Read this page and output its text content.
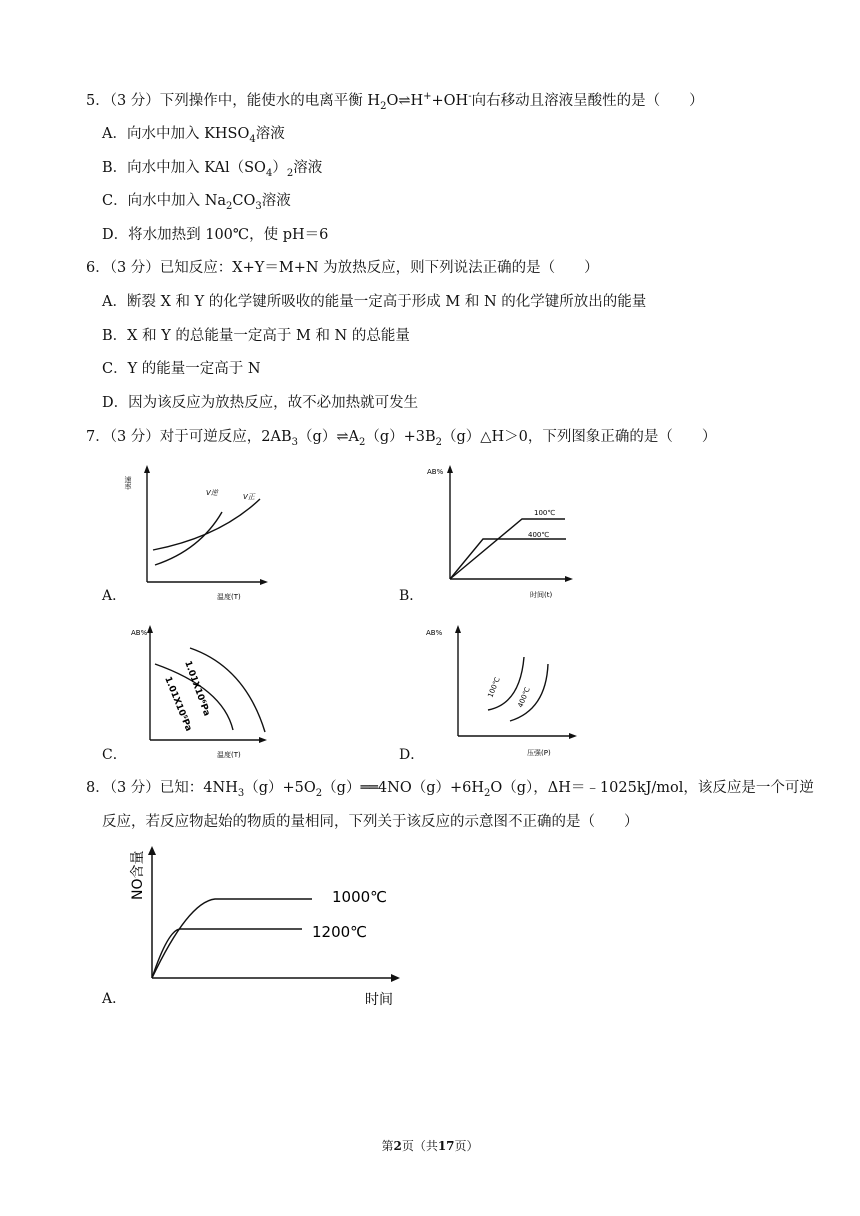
5．（3 分）下列操作中，能使水的电离平衡 $H_2O\rightleftharpoons H^++OH^-$向右移动且溶液呈酸性的是（　　）
A．向水中加入 $KHSO_4$溶液
B．向水中加入 $KAl(SO_4)_2$溶液
C．向水中加入 $Na_2CO_3$溶液
D．将水加热到 100℃，使 pH＝6
6．（3 分）已知反应：X+Y＝M+N 为放热反应，则下列说法正确的是（　　）
A．断裂 X 和 Y 的化学键所吸收的能量一定高于形成 M 和 N 的化学键所放出的能量
B．X 和 Y 的总能量一定高于 M 和 N 的总能量
C．Y 的能量一定高于 N
D．因为该反应为放热反应，故不必加热就可发生
7．（3 分）对于可逆反应，$2AB_3(g)\rightleftharpoons A_2(g)+3B_2(g)\triangle H>0$，下列图象正确的是（　　）
速率
V逆	V正
温度(T)
A．
AB%
100℃
400℃
时间(t)
B．
AB%
1.01X10⁶Pa
1.01X10⁵Pa
温度(T)
C．
AB%
100℃ 400℃
压强(P)
D．
8．（3 分）已知：$4NH_3(g)+5O_2(g)══4NO(g)+6H_2O(g)$，ΔH＝﹣1025kJ/mol，该反应是一个可逆
反应，若反应物起始的物质的量相同，下列关于该反应的示意图不正确的是（　　）
NO含量	1000℃
1200℃
时间
A．
第2页（共17页）
